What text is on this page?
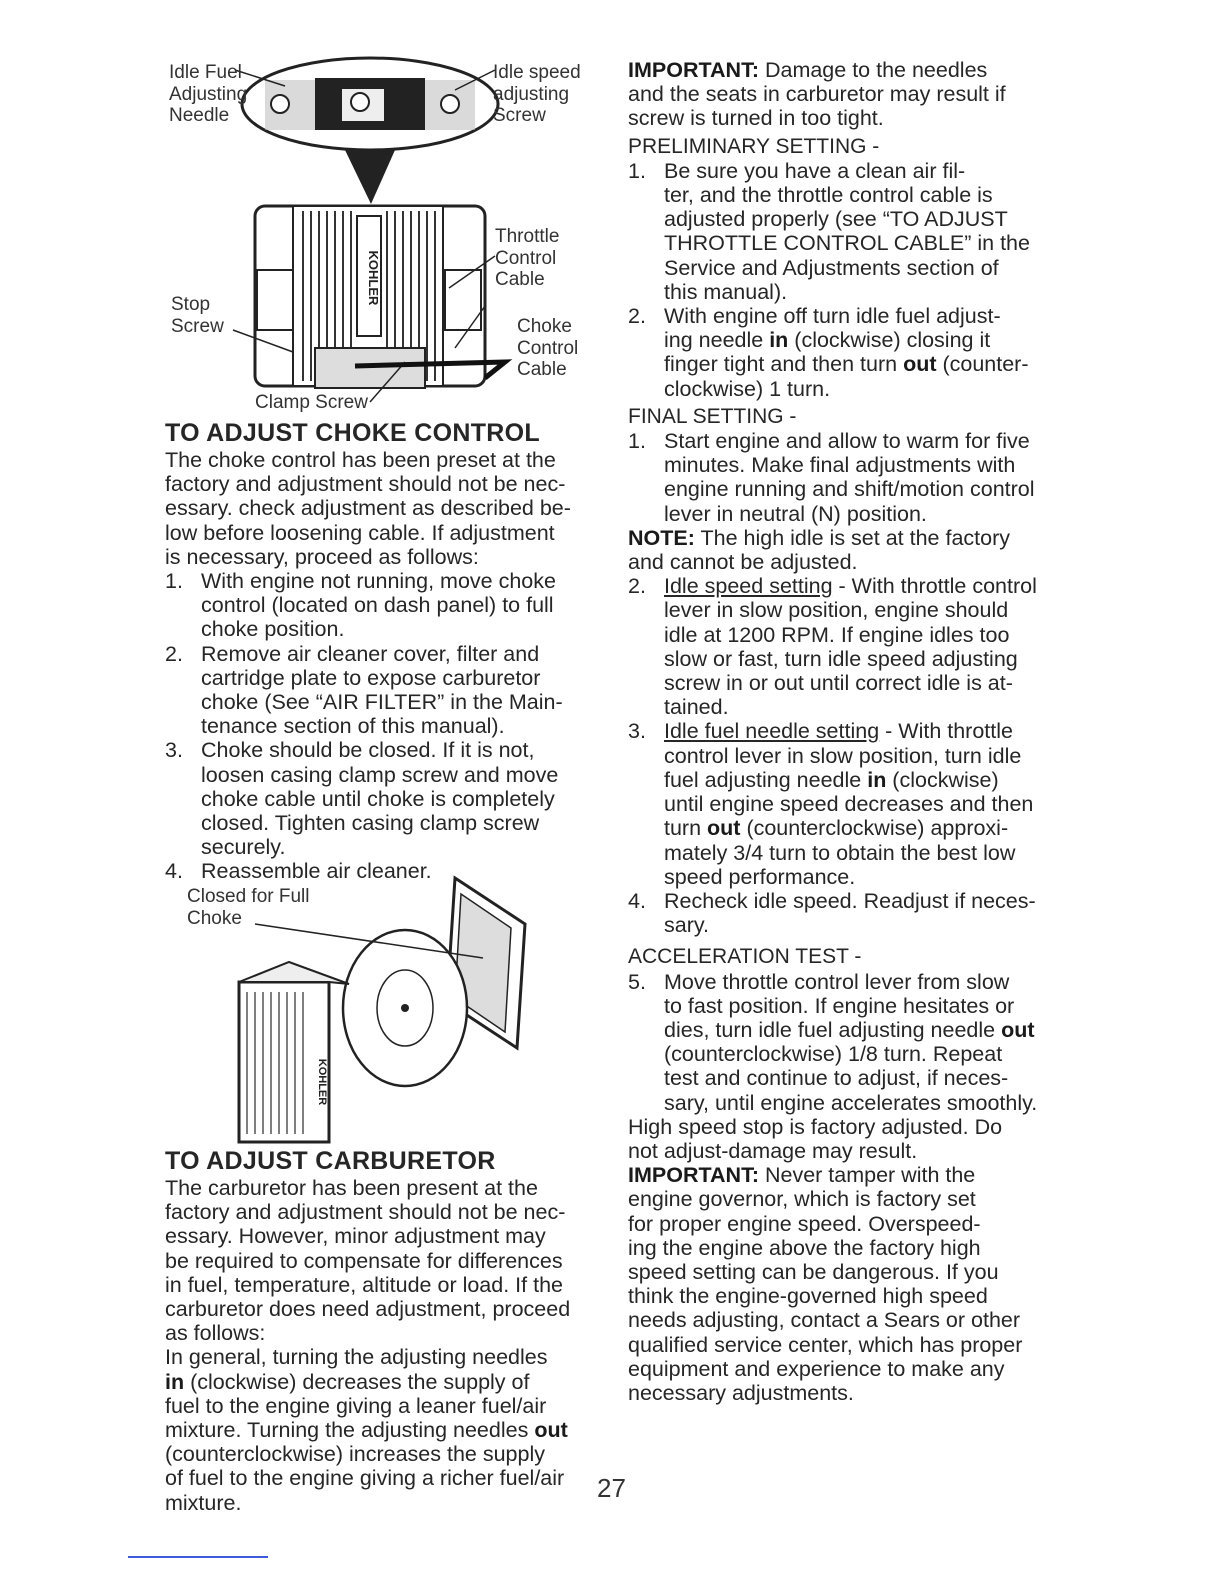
KOHLER
Idle Fuel
Adjusting
Needle
Idle speed
adjusting
Screw
Throttle
Control
Cable
Stop
Screw	Choke
Control
Cable
Clamp Screw
TO ADJUST CHOKE CONTROL

The choke control has been preset at the

factory and adjustment should not be nec-

essary. check adjustment as described be-

low before loosening cable. If adjustment

is necessary, proceed as follows:

1. With engine not running, move choke
control (located on dash panel) to full
choke position.
2. Remove air cleaner cover, filter and
cartridge plate to expose carburetor
choke (See “AIR FILTER” in the Main-
tenance section of this manual).
3. Choke should be closed. If it is not,
loosen casing clamp screw and move
choke cable until choke is completely
closed. Tighten casing clamp screw
securely.
4. Reassemble air cleaner.
KOHLER
Closed for Full
Choke
TO ADJUST CARBURETOR

The carburetor has been present at the

factory and adjustment should not be nec-

essary. However, minor adjustment may

be required to compensate for differences

in fuel, temperature, altitude or load. If the

carburetor does need adjustment, proceed

as follows:

In general, turning the adjusting needles

in (clockwise) decreases the supply of

fuel to the engine giving a leaner fuel/air

mixture. Turning the adjusting needles out

(counterclockwise) increases the supply

of fuel to the engine giving a richer fuel/air

mixture.

IMPORTANT: Damage to the needles

and the seats in carburetor may result if

screw is turned in too tight.

PRELIMINARY SETTING -

1. Be sure you have a clean air fil-
ter, and the throttle control cable is
adjusted properly (see “TO ADJUST
THROTTLE CONTROL CABLE” in the
Service and Adjustments section of
this manual).
2. With engine off turn idle fuel adjust-
ing needle in (clockwise) closing it
finger tight and then turn out (counter-
clockwise) 1 turn.

FINAL SETTING -

1. Start engine and allow to warm for five
minutes. Make final adjustments with
engine running and shift/motion control
lever in neutral (N) position.

NOTE: The high idle is set at the factory

and cannot be adjusted.

2. Idle speed setting - With throttle control
lever in slow position, engine should
idle at 1200 RPM. If engine idles too
slow or fast, turn idle speed adjusting
screw in or out until correct idle is at-
tained.
3. Idle fuel needle setting - With throttle
control lever in slow position, turn idle
fuel adjusting needle in (clockwise)
until engine speed decreases and then
turn out (counterclockwise) approxi-
mately 3/4 turn to obtain the best low
speed performance.
4. Recheck idle speed. Readjust if neces-
sary.

ACCELERATION TEST -

5. Move throttle control lever from slow
to fast position. If engine hesitates or
dies, turn idle fuel adjusting needle out
(counterclockwise) 1/8 turn. Repeat
test and continue to adjust, if neces-
sary, until engine accelerates smoothly.

High speed stop is factory adjusted. Do

not adjust-damage may result.

IMPORTANT: Never tamper with the

engine governor, which is factory set

for proper engine speed. Overspeed-

ing the engine above the factory high

speed setting can be dangerous. If you

think the engine-governed high speed

needs adjusting, contact a Sears or other

qualified service center, which has proper

equipment and experience to make any

necessary adjustments.

27
